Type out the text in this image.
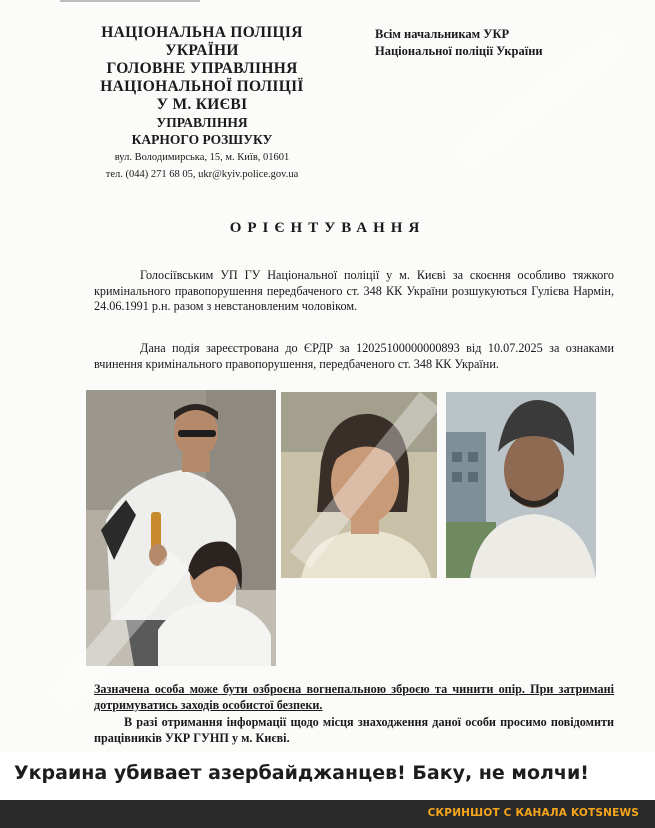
НАЦІОНАЛЬНА ПОЛІЦІЯ
УКРАЇНИ
ГОЛОВНЕ УПРАВЛІННЯ
НАЦІОНАЛЬНОЇ ПОЛІЦІЇ
У М. КИЄВІ
УПРАВЛІННЯ
КАРНОГО РОЗШУКУ
вул. Володимирська, 15, м. Київ, 01601
тел. (044) 271 68 05, ukr@kyiv.police.gov.ua
Всім начальникам УКР
Національної поліції України
ОРІЄНТУВАННЯ
Голосіївським УП ГУ Національної поліції у м. Києві за скоєння особливо тяжкого кримінального правопорушення передбаченого ст. 348 КК України розшукуються Гулієва Нармін, 24.06.1991 р.н. разом з невстановленим чоловіком.
Дана подія зареєстрована до ЄРДР за 12025100000000893 від 10.07.2025 за ознаками вчинення кримінального правопорушення, передбаченого ст. 348 КК України.
Зазначена особа може бути озброєна вогнепальною зброєю та чинити опір. При затримані дотримуватись заходів особистої безпеки.
В разі отримання інформації щодо місця знаходження даної особи просимо повідомити працівників УКР ГУНП у м. Києві.
Украина убивает азербайджанцев! Баку, не молчи!
СКРИНШОТ С КАНАЛА KOTSNEWS
